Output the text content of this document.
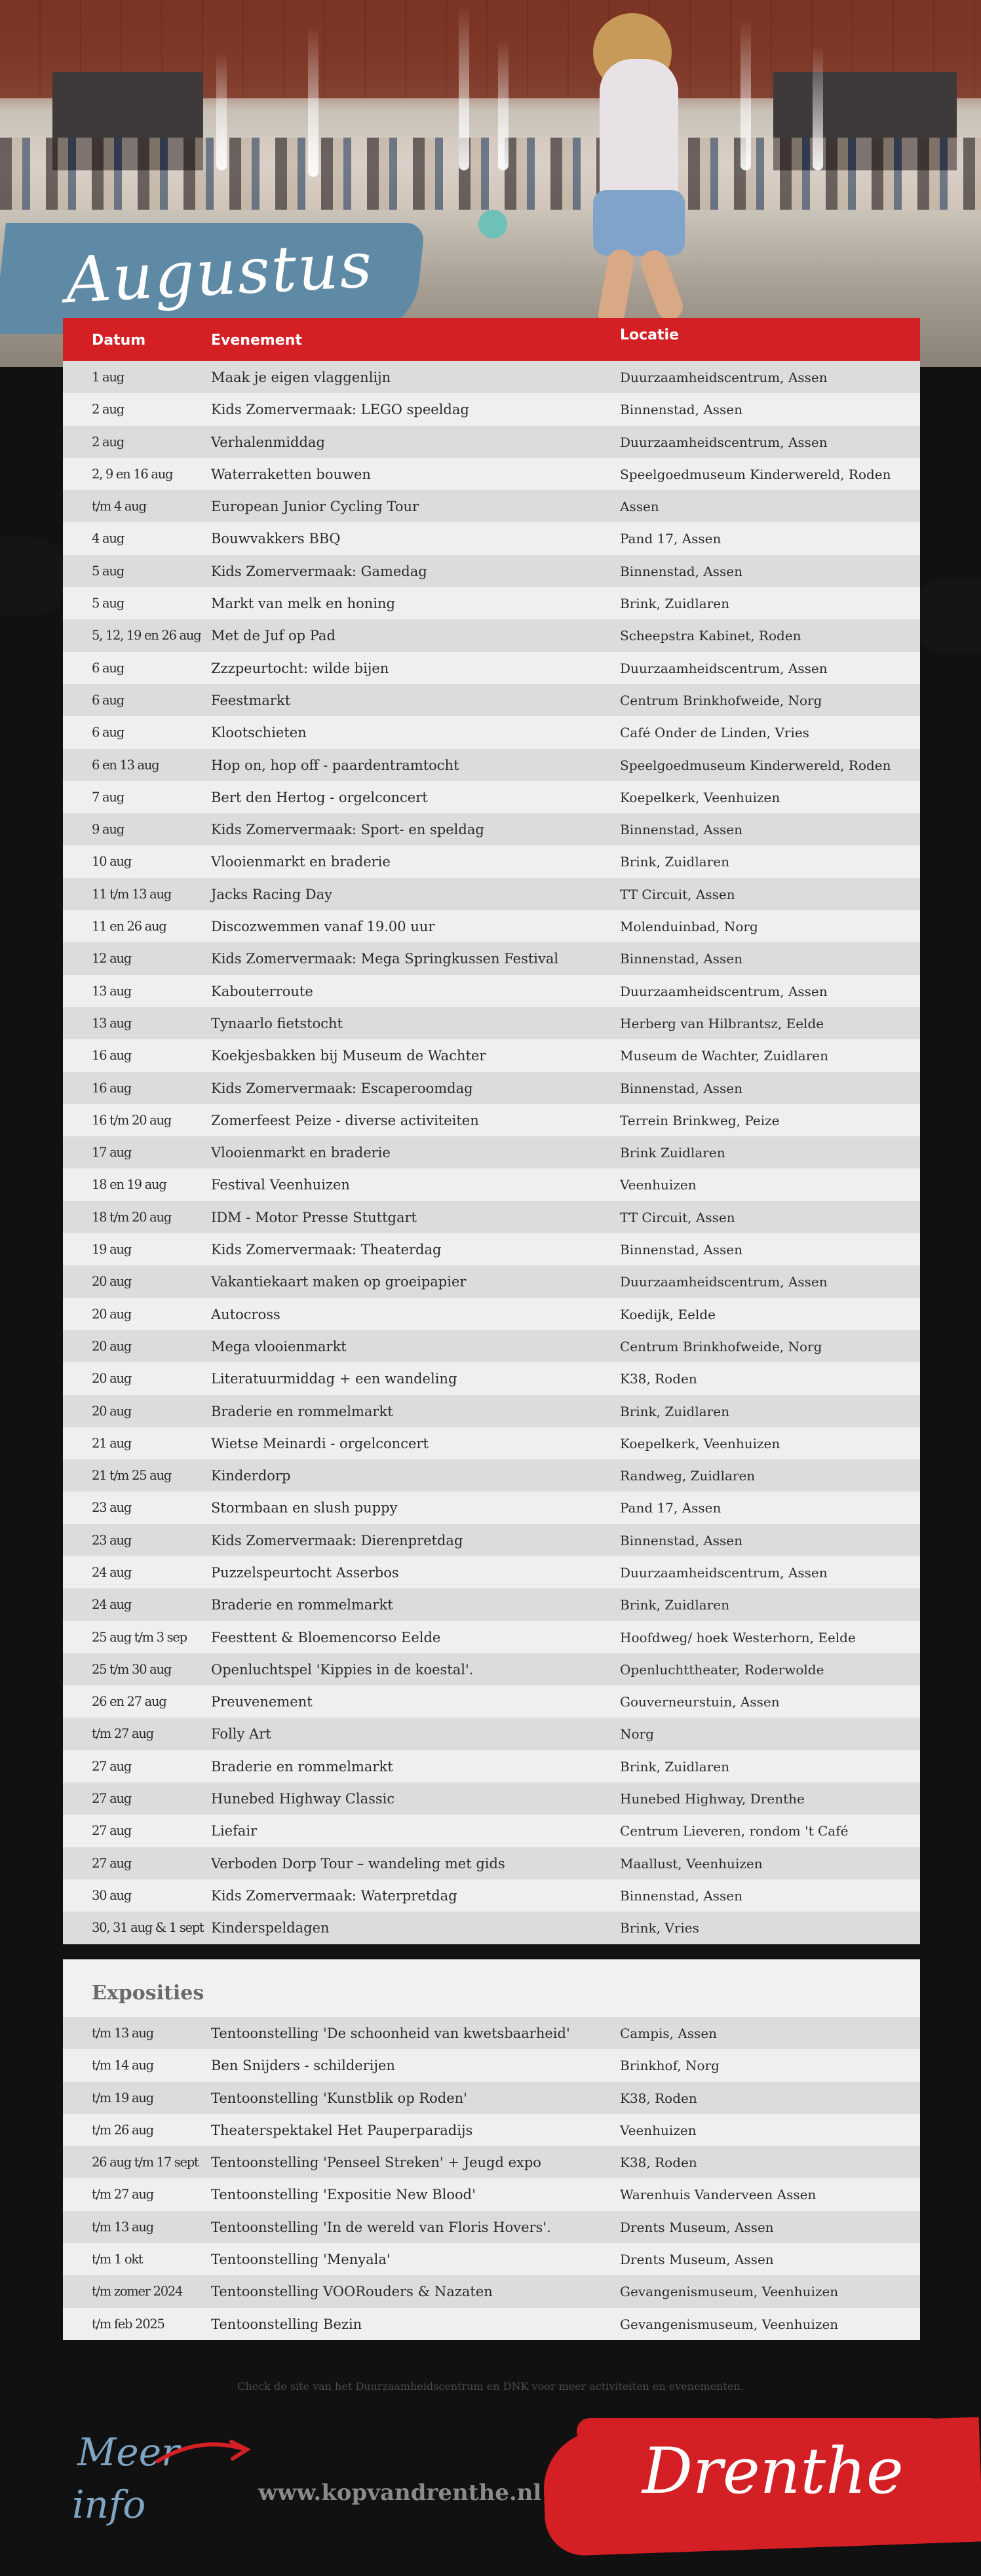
Augustus
Datum	Evenement	Locatie
1 aug	Maak je eigen vlaggenlijn	Duurzaamheidscentrum, Assen
2 aug	Kids Zomervermaak: LEGO speeldag	Binnenstad, Assen
2 aug	Verhalenmiddag	Duurzaamheidscentrum, Assen
2, 9 en 16 aug	Waterraketten bouwen	Speelgoedmuseum Kinderwereld, Roden
t/m 4 aug	European Junior Cycling Tour	Assen
4 aug	Bouwvakkers BBQ	Pand 17, Assen
5 aug	Kids Zomervermaak: Gamedag	Binnenstad, Assen
5 aug	Markt van melk en honing	Brink, Zuidlaren
5, 12, 19 en 26 aug Met de Juf op Pad	Scheepstra Kabinet, Roden
6 aug	Zzzpeurtocht: wilde bijen	Duurzaamheidscentrum, Assen
6 aug	Feestmarkt	Centrum Brinkhofweide, Norg
6 aug	Klootschieten	Café Onder de Linden, Vries
6 en 13 aug	Hop on, hop off - paardentramtocht	Speelgoedmuseum Kinderwereld, Roden
7 aug	Bert den Hertog - orgelconcert	Koepelkerk, Veenhuizen
9 aug	Kids Zomervermaak: Sport- en speldag	Binnenstad, Assen
10 aug	Vlooienmarkt en braderie	Brink, Zuidlaren
11 t/m 13 aug	Jacks Racing Day	TT Circuit, Assen
11 en 26 aug	Discozwemmen vanaf 19.00 uur	Molenduinbad, Norg
12 aug	Kids Zomervermaak: Mega Springkussen Festival	Binnenstad, Assen
13 aug	Kabouterroute	Duurzaamheidscentrum, Assen
13 aug	Tynaarlo fietstocht	Herberg van Hilbrantsz, Eelde
16 aug	Koekjesbakken bij Museum de Wachter	Museum de Wachter, Zuidlaren
16 aug	Kids Zomervermaak: Escaperoomdag	Binnenstad, Assen
16 t/m 20 aug	Zomerfeest Peize - diverse activiteiten	Terrein Brinkweg, Peize
17 aug	Vlooienmarkt en braderie	Brink Zuidlaren
18 en 19 aug	Festival Veenhuizen	Veenhuizen
18 t/m 20 aug	IDM - Motor Presse Stuttgart	TT Circuit, Assen
19 aug	Kids Zomervermaak: Theaterdag	Binnenstad, Assen
20 aug	Vakantiekaart maken op groeipapier	Duurzaamheidscentrum, Assen
20 aug	Autocross	Koedijk, Eelde
20 aug	Mega vlooienmarkt	Centrum Brinkhofweide, Norg
20 aug	Literatuurmiddag + een wandeling	K38, Roden
20 aug	Braderie en rommelmarkt	Brink, Zuidlaren
21 aug	Wietse Meinardi - orgelconcert	Koepelkerk, Veenhuizen
21 t/m 25 aug	Kinderdorp	Randweg, Zuidlaren
23 aug	Stormbaan en slush puppy	Pand 17, Assen
23 aug	Kids Zomervermaak: Dierenpretdag	Binnenstad, Assen
24 aug	Puzzelspeurtocht Asserbos	Duurzaamheidscentrum, Assen
24 aug	Braderie en rommelmarkt	Brink, Zuidlaren
25 aug t/m 3 sep Feesttent & Bloemencorso Eelde	Hoofdweg/ hoek Westerhorn, Eelde
25 t/m 30 aug	Openluchtspel 'Kippies in de koestal'.	Openluchttheater, Roderwolde
26 en 27 aug	Preuvenement	Gouverneurstuin, Assen
t/m 27 aug	Folly Art	Norg
27 aug	Braderie en rommelmarkt	Brink, Zuidlaren
27 aug	Hunebed Highway Classic	Hunebed Highway, Drenthe
27 aug	Liefair	Centrum Lieveren, rondom 't Café
27 aug	Verboden Dorp Tour – wandeling met gids	Maallust, Veenhuizen
30 aug	Kids Zomervermaak: Waterpretdag	Binnenstad, Assen
30, 31 aug & 1 sept Kinderspeldagen	Brink, Vries
Exposities
t/m 13 aug	Tentoonstelling 'De schoonheid van kwetsbaarheid'	Campis, Assen
t/m 14 aug	Ben Snijders - schilderijen	Brinkhof, Norg
t/m 19 aug	Tentoonstelling 'Kunstblik op Roden'	K38, Roden
t/m 26 aug	Theaterspektakel Het Pauperparadijs	Veenhuizen
26 aug t/m 17 sept Tentoonstelling 'Penseel Streken' + Jeugd expo	K38, Roden
t/m 27 aug	Tentoonstelling 'Expositie New Blood'	Warenhuis Vanderveen Assen
t/m 13 aug	Tentoonstelling 'In de wereld van Floris Hovers'.	Drents Museum, Assen
t/m 1 okt	Tentoonstelling 'Menyala'	Drents Museum, Assen
t/m zomer 2024 Tentoonstelling VOORouders & Nazaten	Gevangenismuseum, Veenhuizen
t/m feb 2025	Tentoonstelling Bezin	Gevangenismuseum, Veenhuizen
Check de site van het Duurzaamheidscentrum en DNK voor meer activiteiten en evenementen.
Meer
info	www.kopvandrenthe.nl Drenthe
